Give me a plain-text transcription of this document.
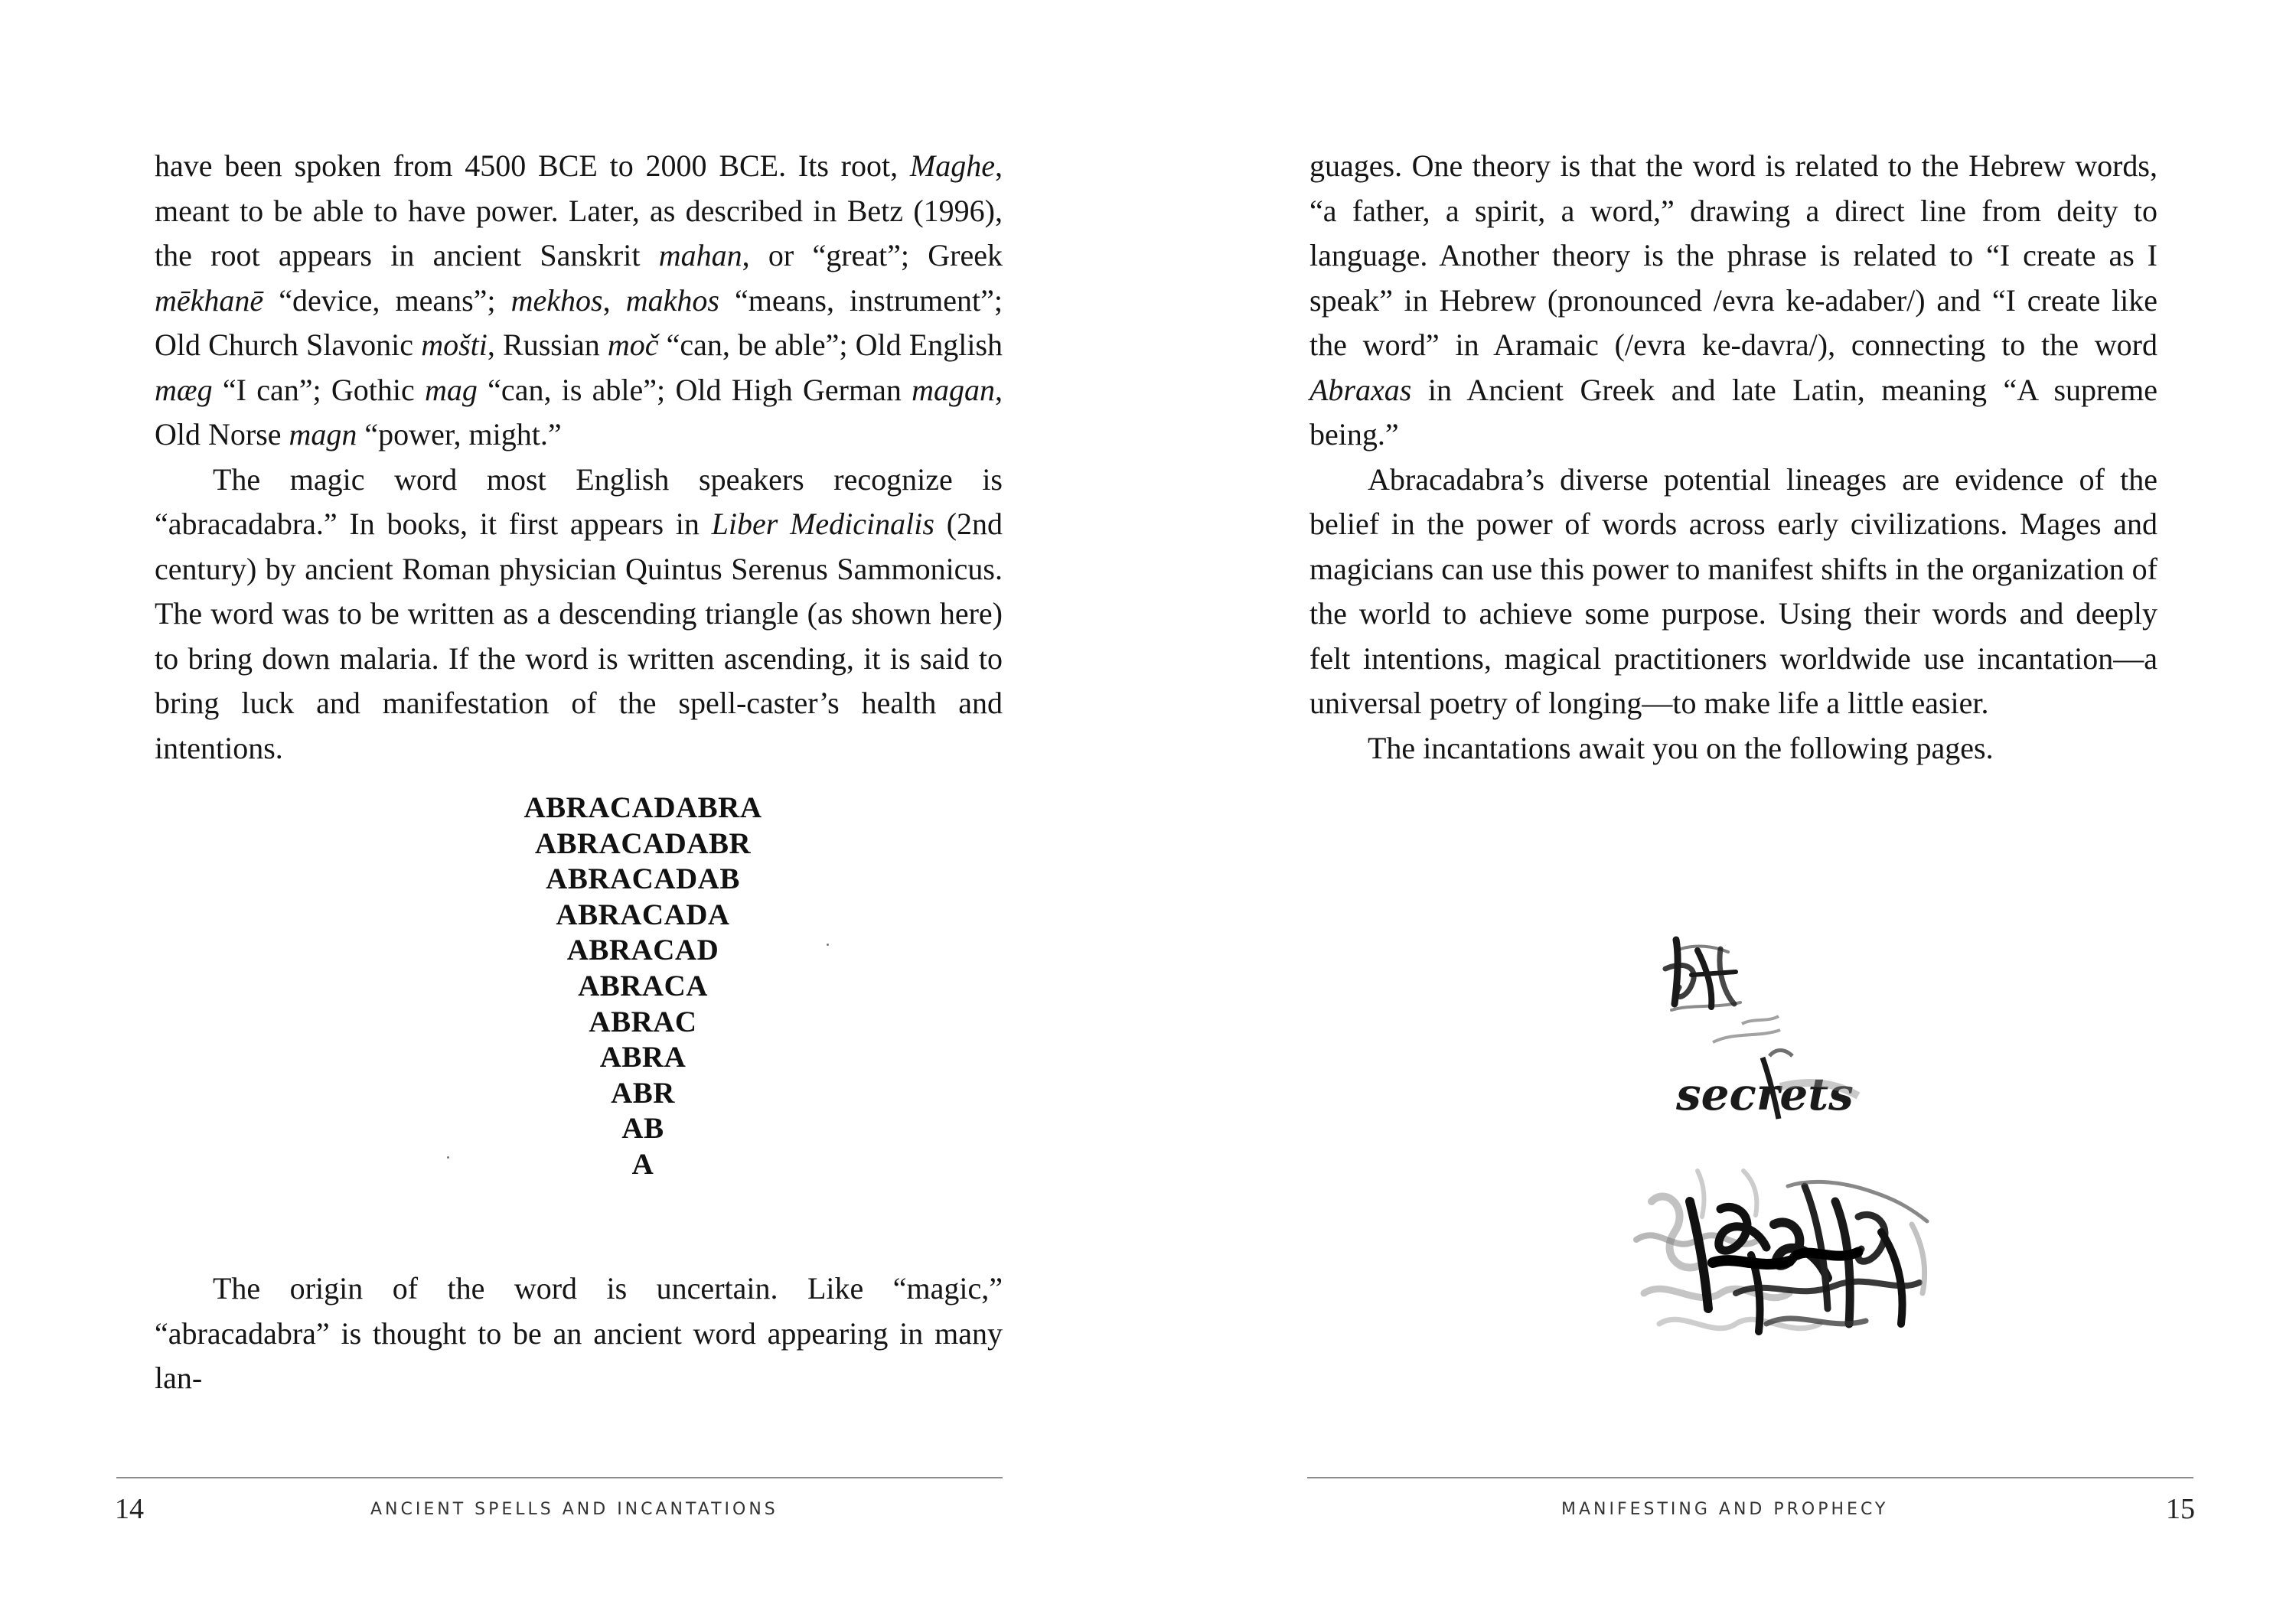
have been spoken from 4500 BCE to 2000 BCE. Its root, Maghe, meant to be able to have power. Later, as described in Betz (1996), the root appears in ancient Sanskrit mahan, or “great”; Greek mēkhanē “device, means”; mekhos, makhos “means, instrument”; Old Church Slavonic mošti, Russian moč “can, be able”; Old English mæg “I can”; Gothic mag “can, is able”; Old High German magan, Old Norse magn “power, might.”

The magic word most English speakers recognize is “abracadabra.” In books, it first appears in Liber Medicinalis (2nd century) by ancient Roman physician Quintus Serenus Sammonicus. The word was to be written as a descending triangle (as shown here) to bring down malaria. If the word is written ascending, it is said to bring luck and manifestation of the spell-caster’s health and intentions.

ABRACADABRA
ABRACADABR
ABRACADAB
ABRACADA
ABRACAD
ABRACA
ABRAC
ABRA
ABR
AB
A

The origin of the word is uncertain. Like “magic,” “abracadabra” is thought to be an ancient word appearing in many lan-

14	ANCIENT SPELLS AND INCANTATIONS

guages. One theory is that the word is related to the Hebrew words, “a father, a spirit, a word,” drawing a direct line from deity to language. Another theory is the phrase is related to “I create as I speak” in Hebrew (pronounced /evra ke-adaber/) and “I create like the word” in Aramaic (/evra ke-davra/), connecting to the word Abraxas in Ancient Greek and late Latin, meaning “A supreme being.”

Abracadabra’s diverse potential lineages are evidence of the belief in the power of words across early civilizations. Mages and magicians can use this power to manifest shifts in the organization of the world to achieve some purpose. Using their words and deeply felt intentions, magical practitioners worldwide use incantation—a universal poetry of longing—to make life a little easier.

The incantations await you on the following pages.

secrets
15
MANIFESTING AND PROPHECY
